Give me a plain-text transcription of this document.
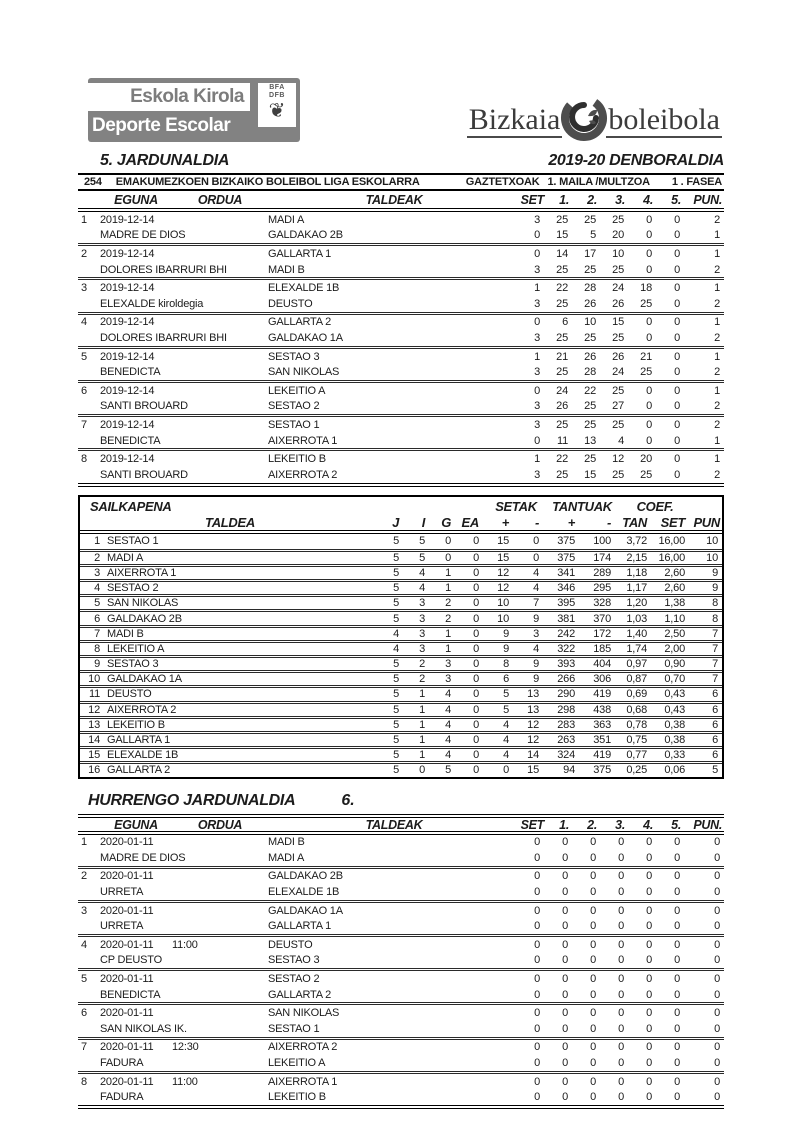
Eskola Kirola
Deporte Escolar
BFA
DFB
❦	Bizkaia boleibola
5. JARDUNALDIA	2019-20 DENBORALDIA
254 EMAKUMEZKOEN BIZKAIKO BOLEIBOL LIGA ESKOLARRA	GAZTETXOAK 1. MAILA /MULTZOA 1 . FASEA
EGUNA	ORDUA	TALDEAK	SET	1.	2.	3.	4.	5. PUN.
1	2019-12-14	MADI A	3	25	25	25	0	0	2
MADRE DE DIOS	GALDAKAO 2B	0	15	5	20	0	0	1
2	2019-12-14	GALLARTA 1	0	14	17	10	0	0	1
DOLORES IBARRURI BHI	MADI B	3	25	25	25	0	0	2
3	2019-12-14	ELEXALDE 1B	1	22	28	24	18	0	1
ELEXALDE kiroldegia	DEUSTO	3	25	26	26	25	0	2
4	2019-12-14	GALLARTA 2	0	6	10	15	0	0	1
DOLORES IBARRURI BHI	GALDAKAO 1A	3	25	25	25	0	0	2
5	2019-12-14	SESTAO 3	1	21	26	26	21	0	1
BENEDICTA	SAN NIKOLAS	3	25	28	24	25	0	2
6	2019-12-14	LEKEITIO A	0	24	22	25	0	0	1
SANTI BROUARD	SESTAO 2	3	26	25	27	0	0	2
7	2019-12-14	SESTAO 1	3	25	25	25	0	0	2
BENEDICTA	AIXERROTA 1	0	11	13	4	0	0	1
8	2019-12-14	LEKEITIO B	1	22	25	12	20	0	1
SANTI BROUARD	AIXERROTA 2	3	25	15	25	25	0	2
SAILKAPENA	SETAK	TANTUAK	COEF.
TALDEA	J	I	G EA	+	-	+	- TAN	SET PUN
1 SESTAO 1	5	5	0	0	15	0	375	100	3,72	16,00	10
2 MADI A	5	5	0	0	15	0	375	174	2,15	16,00	10
3 AIXERROTA 1	5	4	1	0	12	4	341	289	1,18	2,60	9
4 SESTAO 2	5	4	1	0	12	4	346	295	1,17	2,60	9
5 SAN NIKOLAS	5	3	2	0	10	7	395	328	1,20	1,38	8
6 GALDAKAO 2B	5	3	2	0	10	9	381	370	1,03	1,10	8
7 MADI B	4	3	1	0	9	3	242	172	1,40	2,50	7
8 LEKEITIO A	4	3	1	0	9	4	322	185	1,74	2,00	7
9 SESTAO 3	5	2	3	0	8	9	393	404	0,97	0,90	7
10 GALDAKAO 1A	5	2	3	0	6	9	266	306	0,87	0,70	7
11 DEUSTO	5	1	4	0	5	13	290	419	0,69	0,43	6
12 AIXERROTA 2	5	1	4	0	5	13	298	438	0,68	0,43	6
13 LEKEITIO B	5	1	4	0	4	12	283	363	0,78	0,38	6
14 GALLARTA 1	5	1	4	0	4	12	263	351	0,75	0,38	6
15 ELEXALDE 1B	5	1	4	0	4	14	324	419	0,77	0,33	6
16 GALLARTA 2	5	0	5	0	0	15	94	375	0,25	0,06	5
HURRENGO JARDUNALDIA	6.
EGUNA	ORDUA	TALDEAK	SET	1.	2.	3.	4.	5. PUN.
1	2020-01-11	MADI B	0	0	0	0	0	0	0
MADRE DE DIOS	MADI A	0	0	0	0	0	0	0
2	2020-01-11	GALDAKAO 2B	0	0	0	0	0	0	0
URRETA	ELEXALDE 1B	0	0	0	0	0	0	0
3	2020-01-11	GALDAKAO 1A	0	0	0	0	0	0	0
URRETA	GALLARTA 1	0	0	0	0	0	0	0
4	2020-01-11	11:00	DEUSTO	0	0	0	0	0	0	0
CP DEUSTO	SESTAO 3	0	0	0	0	0	0	0
5	2020-01-11	SESTAO 2	0	0	0	0	0	0	0
BENEDICTA	GALLARTA 2	0	0	0	0	0	0	0
6	2020-01-11	SAN NIKOLAS	0	0	0	0	0	0	0
SAN NIKOLAS IK.	SESTAO 1	0	0	0	0	0	0	0
7	2020-01-11	12:30	AIXERROTA 2	0	0	0	0	0	0	0
FADURA	LEKEITIO A	0	0	0	0	0	0	0
8	2020-01-11	11:00	AIXERROTA 1	0	0	0	0	0	0	0
FADURA	LEKEITIO B	0	0	0	0	0	0	0
